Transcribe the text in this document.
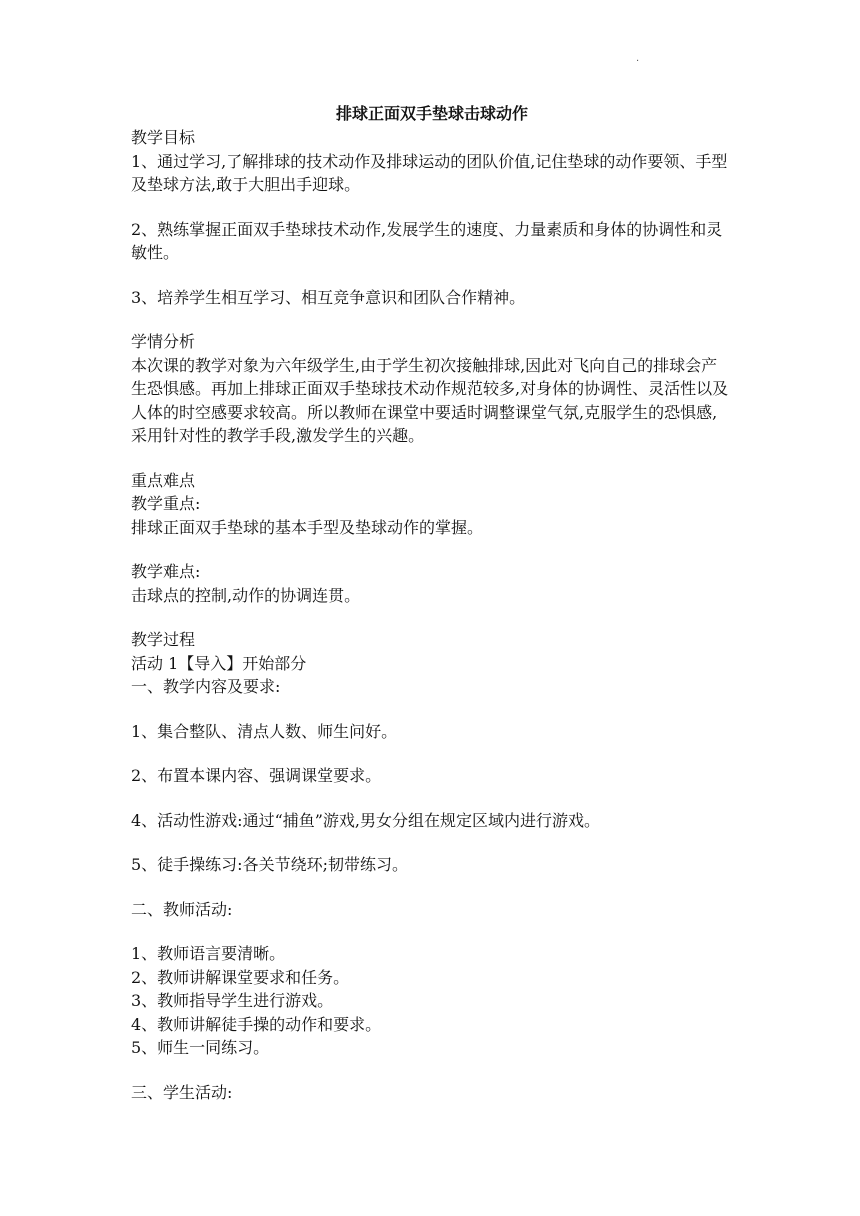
·
排球正面双手垫球击球动作
教学目标
1、通过学习,了解排球的技术动作及排球运动的团队价值,记住垫球的动作要领、手型及垫球方法,敢于大胆出手迎球。
2、熟练掌握正面双手垫球技术动作,发展学生的速度、力量素质和身体的协调性和灵敏性。
3、培养学生相互学习、相互竞争意识和团队合作精神。
学情分析
本次课的教学对象为六年级学生,由于学生初次接触排球,因此对飞向自己的排球会产生恐惧感。再加上排球正面双手垫球技术动作规范较多,对身体的协调性、灵活性以及人体的时空感要求较高。所以教师在课堂中要适时调整课堂气氛,克服学生的恐惧感,采用针对性的教学手段,激发学生的兴趣。
重点难点
教学重点:
排球正面双手垫球的基本手型及垫球动作的掌握。
教学难点:
击球点的控制,动作的协调连贯。
教学过程
活动 1【导入】开始部分
一、教学内容及要求:
1、集合整队、清点人数、师生问好。
2、布置本课内容、强调课堂要求。
4、活动性游戏:通过“捕鱼”游戏,男女分组在规定区域内进行游戏。
5、徒手操练习:各关节绕环;韧带练习。
二、教师活动:
1、教师语言要清晰。
2、教师讲解课堂要求和任务。
3、教师指导学生进行游戏。
4、教师讲解徒手操的动作和要求。
5、师生一同练习。
三、学生活动:
